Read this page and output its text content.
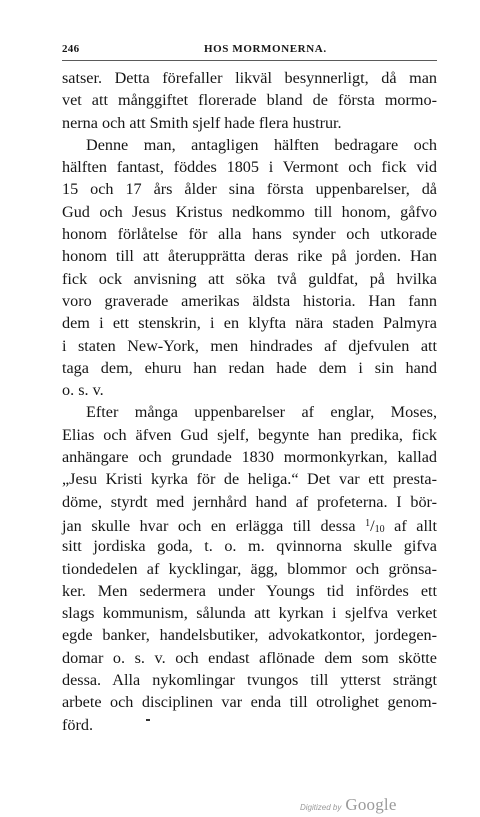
246	HOS MORMONERNA.
satser. Detta förefaller likväl besynnerligt, då man
vet att månggiftet florerade bland de första mormo-
nerna och att Smith sjelf hade flera hustrur.
Denne man, antagligen hälften bedragare och
hälften fantast, föddes 1805 i Vermont och fick vid
15 och 17 års ålder sina första uppenbarelser, då
Gud och Jesus Kristus nedkommo till honom, gåfvo
honom förlåtelse för alla hans synder och utkorade
honom till att återupprätta deras rike på jorden. Han
fick ock anvisning att söka två guldfat, på hvilka
voro graverade amerikas äldsta historia. Han fann
dem i ett stenskrin, i en klyfta nära staden Palmyra
i staten New-York, men hindrades af djefvulen att
taga dem, ehuru han redan hade dem i sin hand
o. s. v.
Efter många uppenbarelser af englar, Moses,
Elias och äfven Gud sjelf, begynte han predika, fick
anhängare och grundade 1830 mormonkyrkan, kallad
„Jesu Kristi kyrka för de heliga.“ Det var ett presta-
döme, styrdt med jernhård hand af profeterna. I bör-
jan skulle hvar och en erlägga till dessa $^1/_{10}$ af allt
sitt jordiska goda, t. o. m. qvinnorna skulle gifva
tiondedelen af kycklingar, ägg, blommor och grönsa-
ker. Men sedermera under Youngs tid infördes ett
slags kommunism, sålunda att kyrkan i sjelfva verket
egde banker, handelsbutiker, advokatkontor, jordegen-
domar o. s. v. och endast aflönade dem som skötte
dessa. Alla nykomlingar tvungos till ytterst strängt
arbete och disciplinen var enda till otrolighet genom-
förd.
Digitized by Google
